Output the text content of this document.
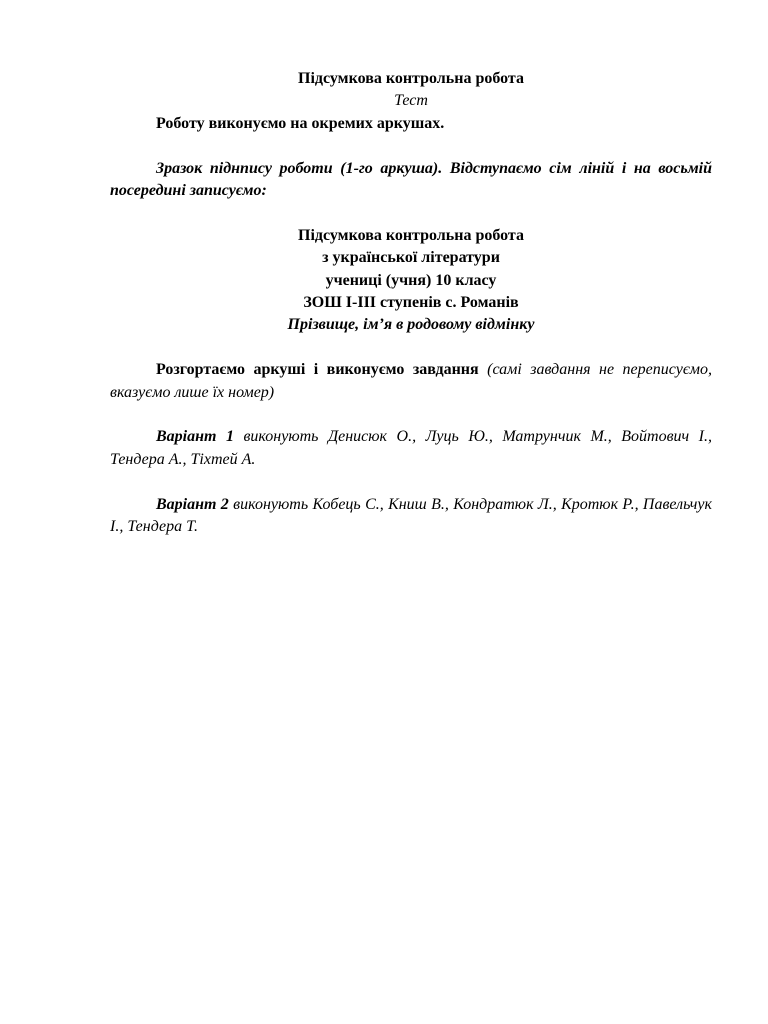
Підсумкова контрольна робота

Тест

Роботу виконуємо на окремих аркушах.

Зразок піднпису роботи (1-го аркуша). Відступаємо сім ліній і на восьмій посередині записуємо:

Підсумкова контрольна робота

з української літератури

учениці (учня) 10 класу

ЗОШ І-ІІІ ступенів с. Романів

Прізвище, ім’я в родовому відмінку

Розгортаємо аркуші і виконуємо завдання (самі завдання не переписуємо, вказуємо лише їх номер)

Варіант 1 виконують Денисюк О., Луць Ю., Матрунчик М., Войтович І., Тендера А., Тіхтей А.

Варіант 2 виконують Кобець С., Книш В., Кондратюк Л., Кротюк Р., Павельчук І., Тендера Т.
